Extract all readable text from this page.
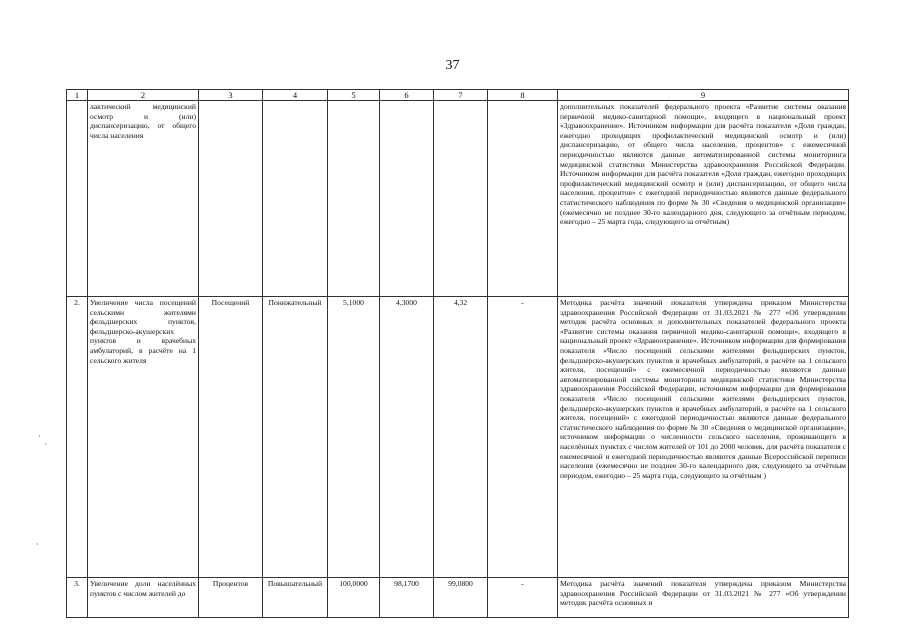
37
·
·
·
1	2	3	4	5	6	7	8	9
	лактический медицинский осмотр и (или) диспансеризацию, от общего числа населения							дополнительных показателей федерального проекта «Развитие системы оказания первичной медико-санитарной помощи», входящего в национальный проект «Здравоохранение». Источником информации для расчёта показателя «Доля граждан, ежегодно проходящих профилактический медицинский осмотр и (или) диспансеризацию, от общего числа населения, процентов» с ежемесячной периодичностью являются данные автоматизированной системы мониторинга медицинской статистики Министерства здравоохранения Российской Федерации. Источником информации для расчёта показателя «Доля граждан, ежегодно проходящих профилактический медицинский осмотр и (или) диспансеризацию, от общего числа населения, процентов» с ежегодной периодичностью являются данные федерального статистического наблюдения по форме № 30 «Сведения о медицинской организации» (ежемесячно не позднее 30-го календарного дня, следующего за отчётным периодом, ежегодно – 25 марта года, следующего за отчётным)
2.	Увеличение числа посещений сельскими жителями фельдшерских пунктов, фельдшерско-акушерских пунктов и врачебных амбулаторий, в расчёте на 1 сельского жителя	Посещений	Понижательный	5,1000	4,3000	4,32	-	Методика расчёта значений показателя утверждена приказом Министерства здравоохранения Российской Федерации от 31.03.2021 № 277 «Об утверждении методик расчёта основных и дополнительных показателей федерального проекта «Развитие системы оказания первичной медико-санитарной помощи», входящего в национальный проект «Здравоохранение». Источником информации для формирования показателя «Число посещений сельскими жителями фельдшерских пунктов, фельдшерско-акушерских пунктов и врачебных амбулаторий, в расчёте на 1 сельского жителя, посещений» с ежемесячной периодичностью являются данные автоматизированной системы мониторинга медицинской статистики Министерства здравоохранения Российской Федерации, источником информации для формирования показателя «Число посещений сельскими жителями фельдшерских пунктов, фельдшерско-акушерских пунктов и врачебных амбулаторий, в расчёте на 1 сельского жителя, посещений» с ежегодной периодичностью являются данные федерального статистического наблюдения по форме № 30 «Сведения о медицинской организации», источником информации о численности сельского населения, проживающего в населённых пунктах с числом жителей от 101 до 2000 человек, для расчёта показателя с ежемесячной и ежегодной периодичностью являются данные Всероссийской переписи населения (ежемесячно не позднее 30-го календарного дня, следующего за отчётным периодом, ежегодно – 25 марта года, следующего за отчётным )
3.	Увеличение доли населённых пунктов с числом жителей до	Процентов	Повышательный	100,0000	98,1700	99,0800	-	Методика расчёта значений показателя утверждена приказом Министерства здравоохранения Российской Федерации от 31.03.2021 № 277 «Об утверждении методик расчёта основных и
